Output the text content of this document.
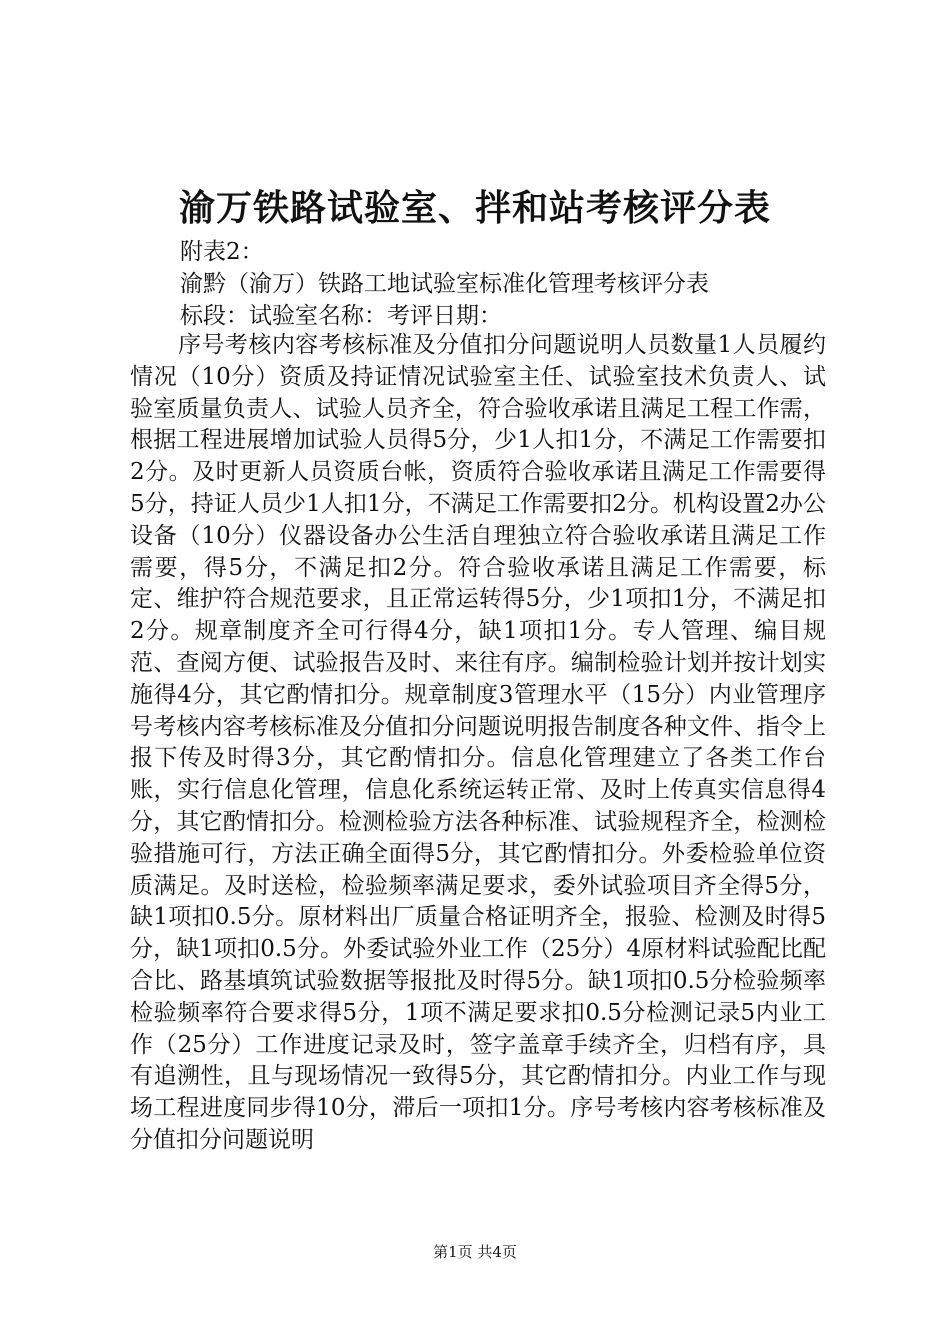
渝万铁路试验室、拌和站考核评分表

附表2：

渝黔（渝万）铁路工地试验室标准化管理考核评分表

标段：试验室名称：考评日期：

序号考核内容考核标准及分值扣分问题说明人员数量1人员履约情况（10分）资质及持证情况试验室主任、试验室技术负责人、试验室质量负责人、试验人员齐全，符合验收承诺且满足工程工作需，根据工程进展增加试验人员得5分，少1人扣1分，不满足工作需要扣2分。及时更新人员资质台帐，资质符合验收承诺且满足工作需要得5分，持证人员少1人扣1分，不满足工作需要扣2分。机构设置2办公设备（10分）仪器设备办公生活自理独立符合验收承诺且满足工作需要，得5分，不满足扣2分。符合验收承诺且满足工作需要，标定、维护符合规范要求，且正常运转得5分，少1项扣1分，不满足扣2分。规章制度齐全可行得4分，缺1项扣1分。专人管理、编目规范、查阅方便、试验报告及时、来往有序。编制检验计划并按计划实施得4分，其它酌情扣分。规章制度3管理水平（15分）内业管理序号考核内容考核标准及分值扣分问题说明报告制度各种文件、指令上报下传及时得3分，其它酌情扣分。信息化管理建立了各类工作台账，实行信息化管理，信息化系统运转正常、及时上传真实信息得4分，其它酌情扣分。检测检验方法各种标准、试验规程齐全，检测检验措施可行，方法正确全面得5分，其它酌情扣分。外委检验单位资质满足。及时送检，检验频率满足要求，委外试验项目齐全得5分，缺1项扣0.5分。原材料出厂质量合格证明齐全，报验、检测及时得5分，缺1项扣0.5分。外委试验外业工作（25分）4原材料试验配比配合比、路基填筑试验数据等报批及时得5分。缺1项扣0.5分检验频率检验频率符合要求得5分，1项不满足要求扣0.5分检测记录5内业工作（25分）工作进度记录及时，签字盖章手续齐全，归档有序，具有追溯性，且与现场情况一致得5分，其它酌情扣分。内业工作与现场工程进度同步得10分，滞后一项扣1分。序号考核内容考核标准及分值扣分问题说明

第1页 共4页
